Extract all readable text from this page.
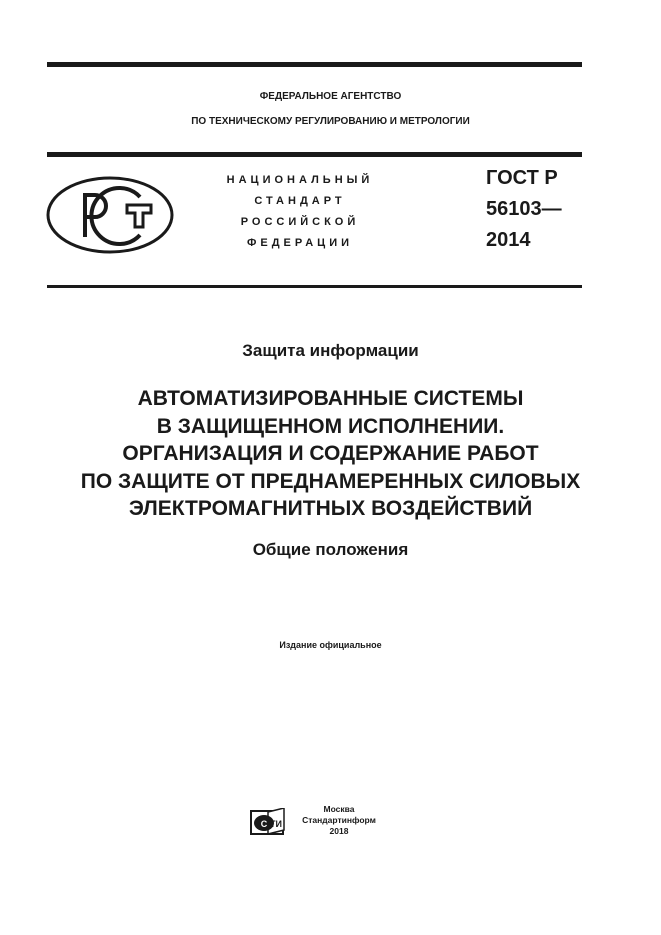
ФЕДЕРАЛЬНОЕ АГЕНТСТВО
ПО ТЕХНИЧЕСКОМУ РЕГУЛИРОВАНИЮ И МЕТРОЛОГИИ
НАЦИОНАЛЬНЫЙ
СТАНДАРТ
РОССИЙСКОЙ
ФЕДЕРАЦИИ
ГОСТ Р
56103—
2014
Защита информации
АВТОМАТИЗИРОВАННЫЕ СИСТЕМЫ
В ЗАЩИЩЕННОМ ИСПОЛНЕНИИ.
ОРГАНИЗАЦИЯ И СОДЕРЖАНИЕ РАБОТ
ПО ЗАЩИТЕ ОТ ПРЕДНАМЕРЕННЫХ СИЛОВЫХ
ЭЛЕКТРОМАГНИТНЫХ ВОЗДЕЙСТВИЙ
Общие положения
Издание официальное
С ТИ
Москва
Стандартинформ
2018
